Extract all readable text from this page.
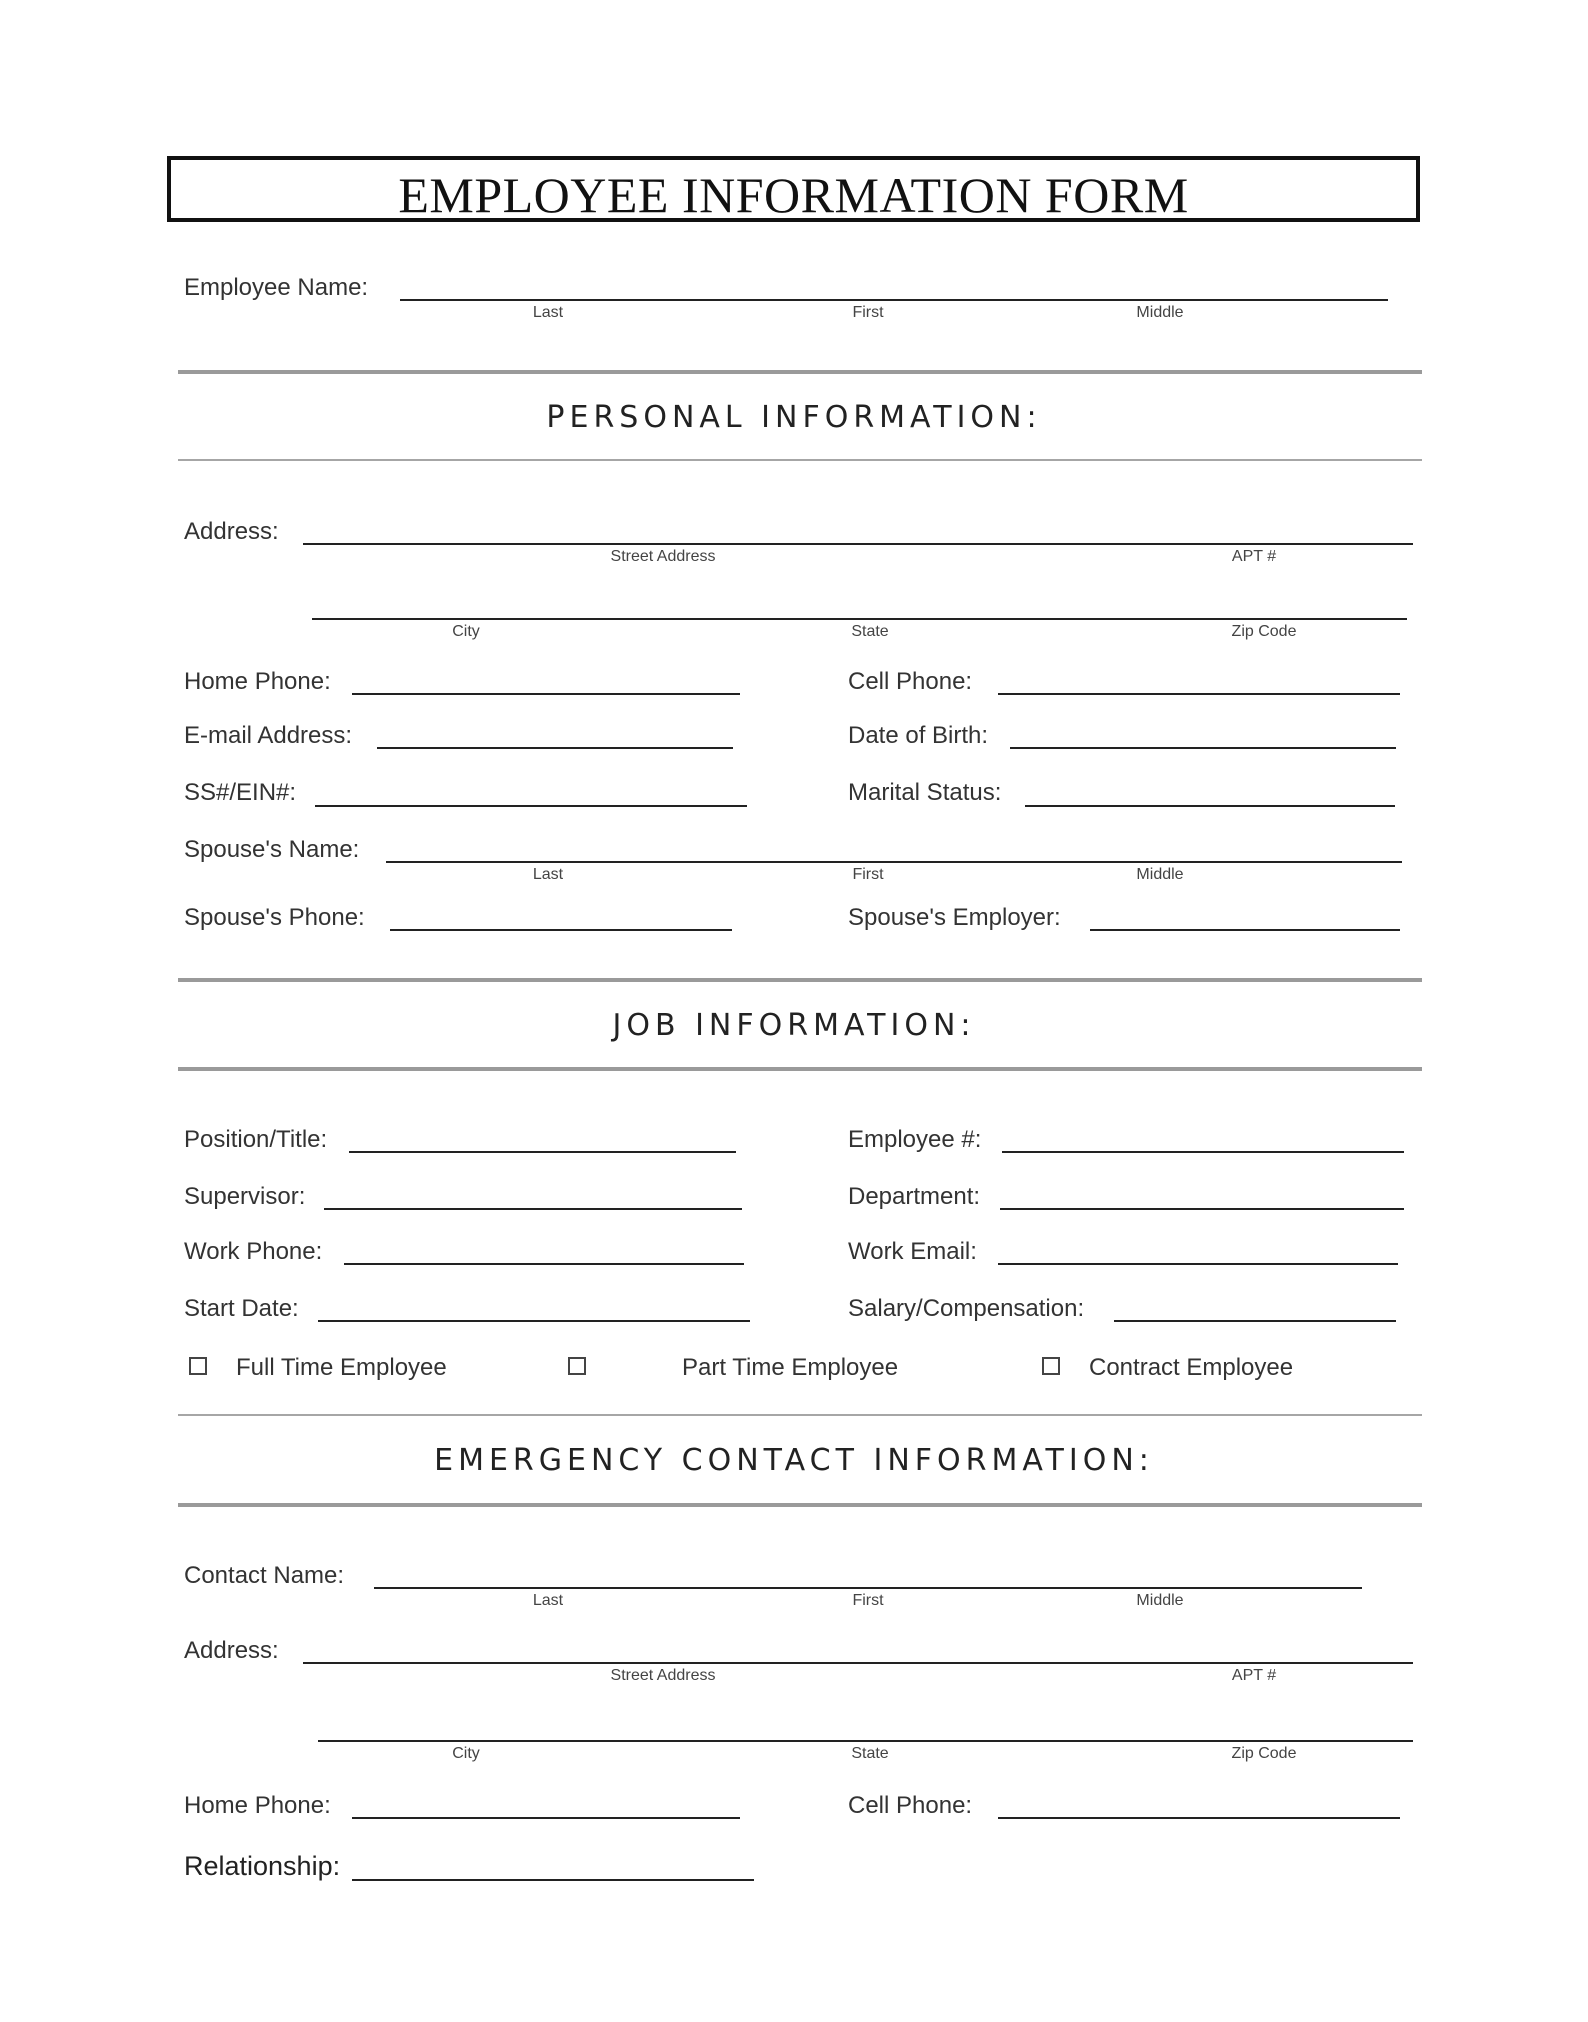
EMPLOYEE INFORMATION FORM
Employee Name:
Last	First	Middle
PERSONAL INFORMATION:
Address:
Street Address	APT #
City	State	Zip Code
Home Phone:	Cell Phone:
E-mail Address:	Date of Birth:
SS#/EIN#:	Marital Status:
Spouse's Name:
Last	First	Middle
Spouse's Phone:	Spouse's Employer:
JOB INFORMATION:
Position/Title:	Employee #:
Supervisor:	Department:
Work Phone:	Work Email:
Start Date:	Salary/Compensation:
Full Time Employee	Part Time Employee	Contract Employee
EMERGENCY CONTACT INFORMATION:
Contact Name:
Last	First	Middle
Address:
Street Address	APT #
City	State	Zip Code
Home Phone:	Cell Phone:
Relationship:
